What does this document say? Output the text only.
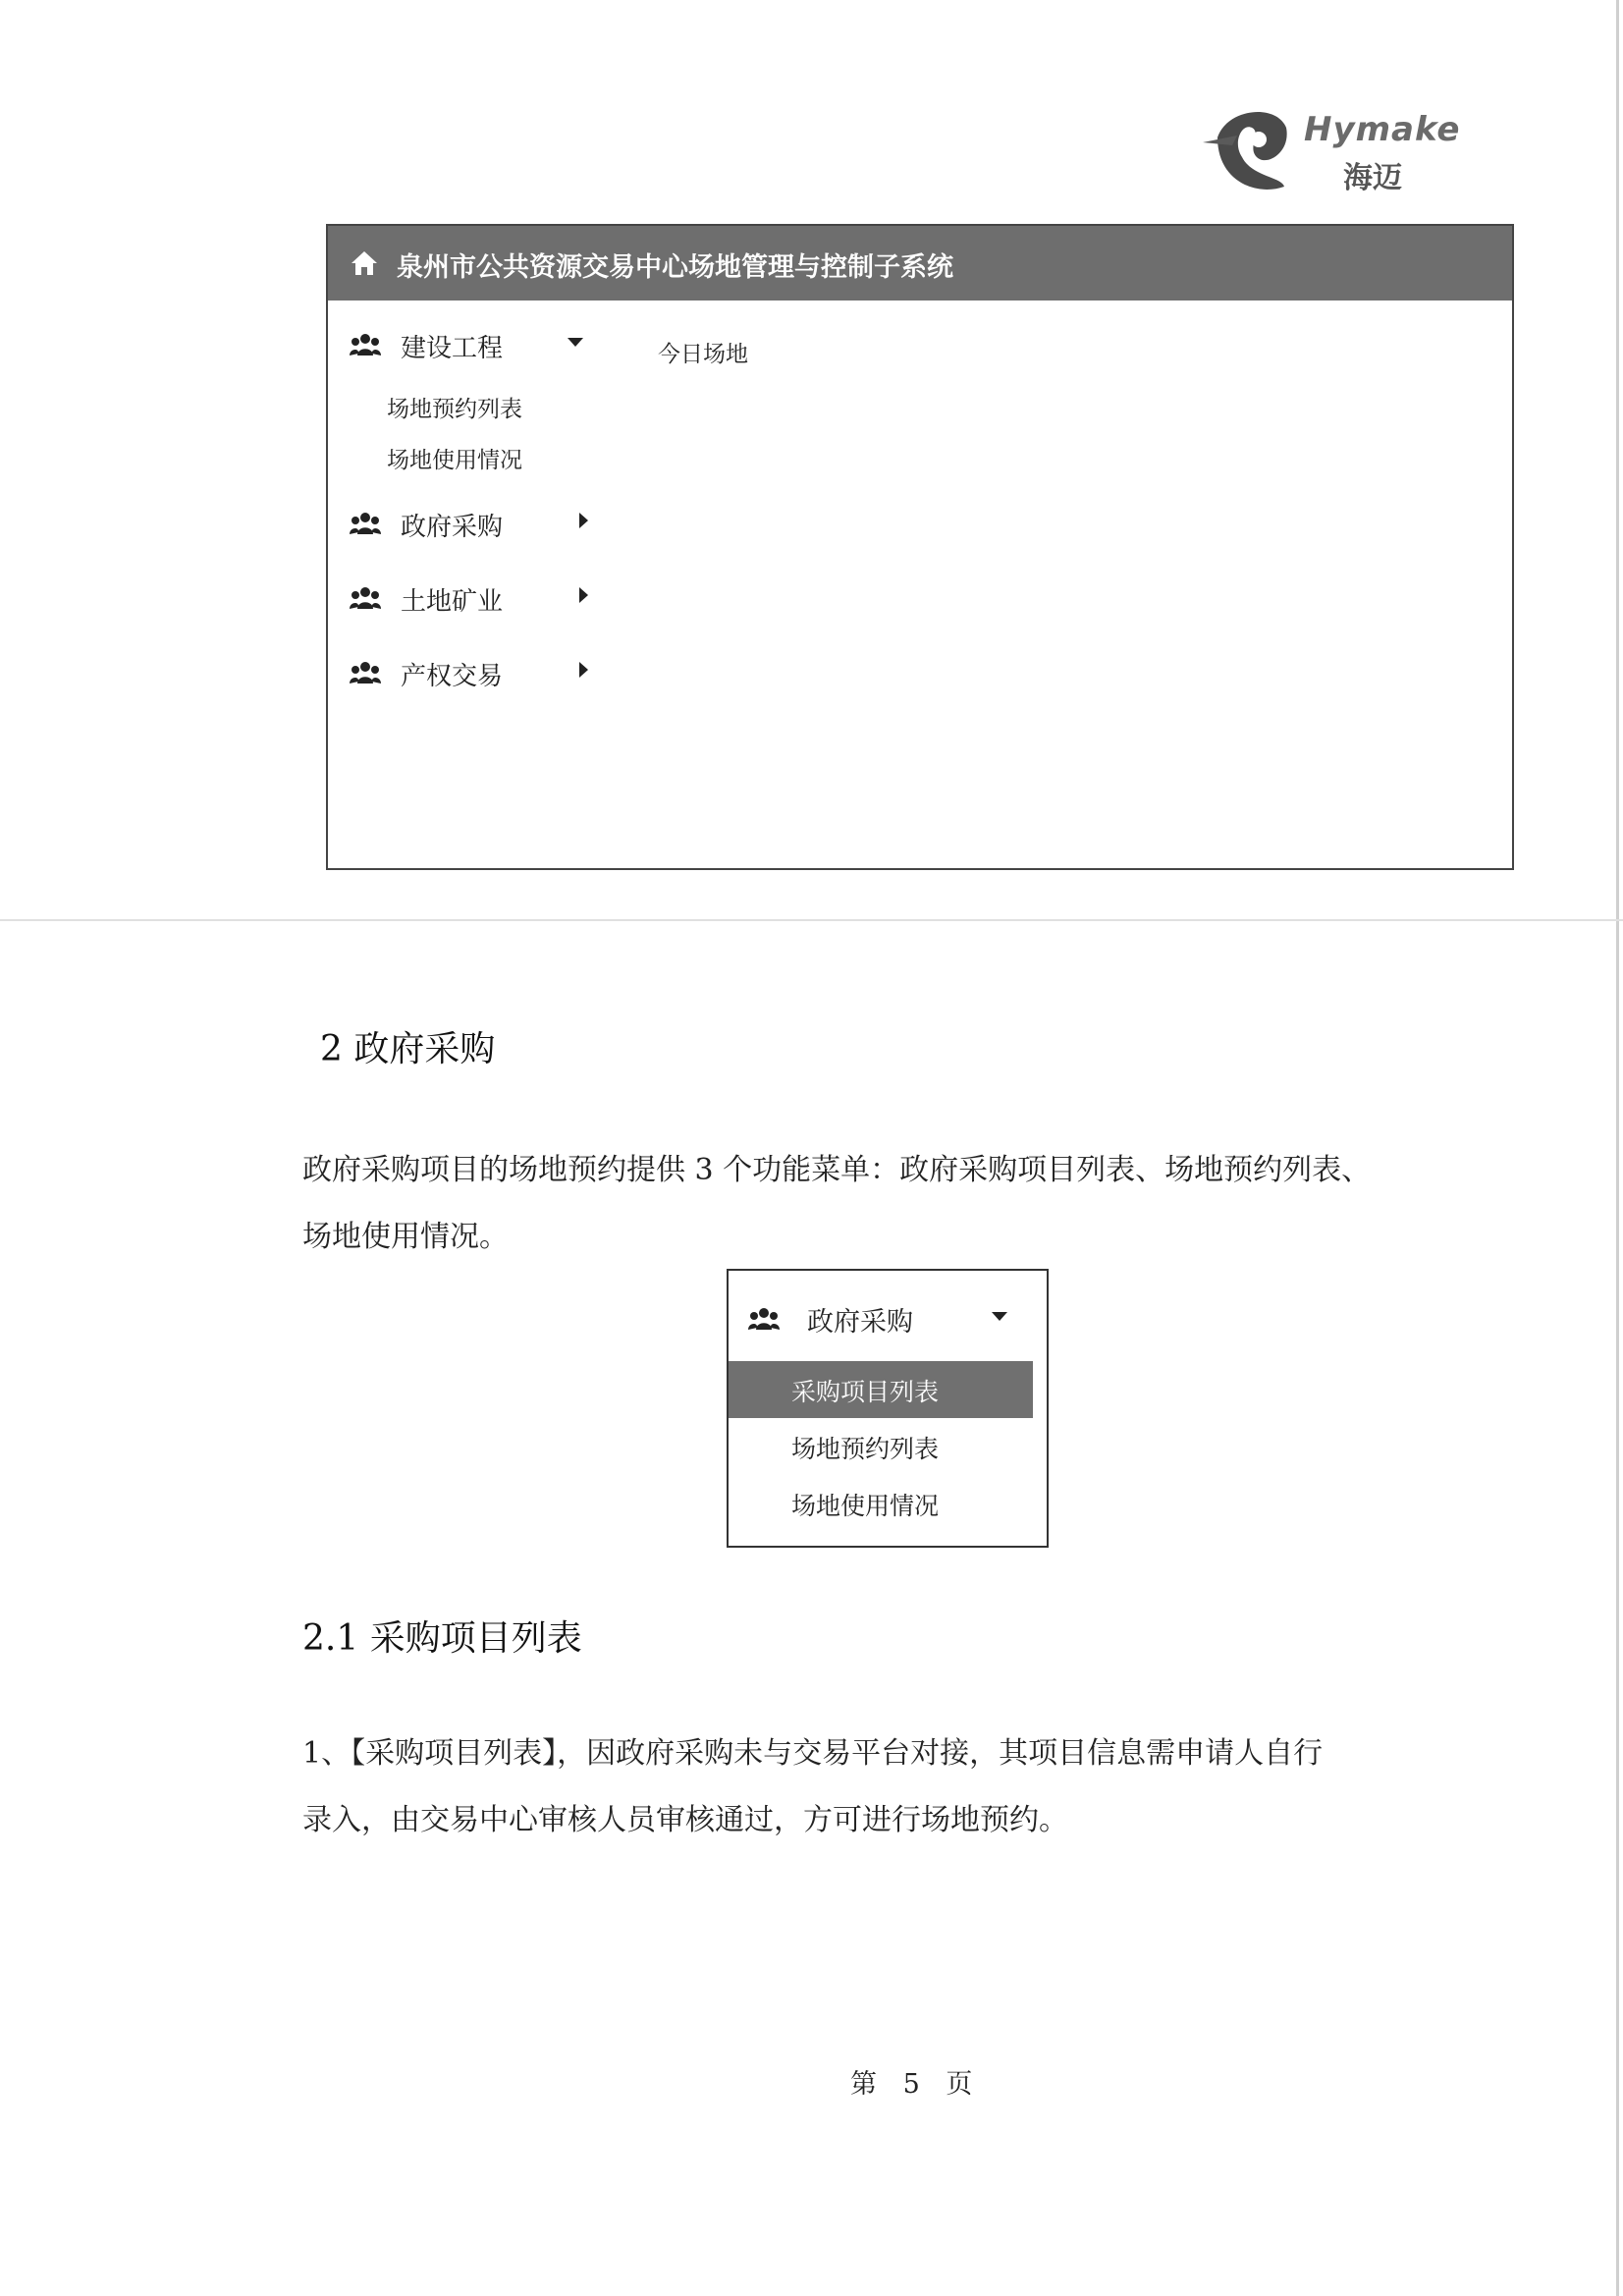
Hymake
海迈
泉州市公共资源交易中心场地管理与控制子系统
建设工程
场地预约列表
场地使用情况
政府采购
土地矿业
产权交易
今日场地
2 政府采购
政府采购项目的场地预约提供 3 个功能菜单：政府采购项目列表、场地预约列表、
场地使用情况。
政府采购
采购项目列表
场地预约列表
场地使用情况
2.1 采购项目列表
1、【采购项目列表】，因政府采购未与交易平台对接，其项目信息需申请人自行
录入，由交易中心审核人员审核通过，方可进行场地预约。
第 5 页
